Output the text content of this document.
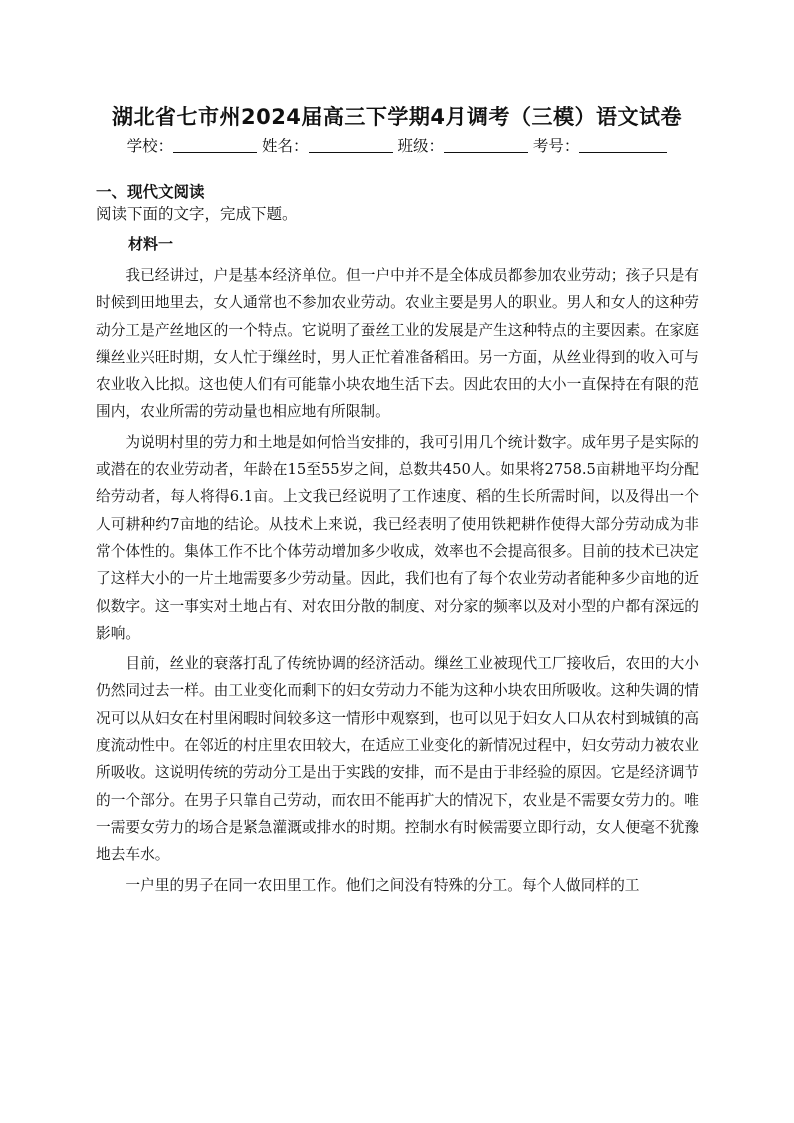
湖北省七市州2024届高三下学期4月调考（三模）语文试卷
学校：	姓名：	班级：	考号：
一、现代文阅读
阅读下面的文字，完成下题。
材料一

我已经讲过，户是基本经济单位。但一户中并不是全体成员都参加农业劳动；孩子只是有时候到田地里去，女人通常也不参加农业劳动。农业主要是男人的职业。男人和女人的这种劳动分工是产丝地区的一个特点。它说明了蚕丝工业的发展是产生这种特点的主要因素。在家庭缫丝业兴旺时期，女人忙于缫丝时，男人正忙着准备稻田。另一方面，从丝业得到的收入可与农业收入比拟。这也使人们有可能靠小块农地生活下去。因此农田的大小一直保持在有限的范围内，农业所需的劳动量也相应地有所限制。

为说明村里的劳力和土地是如何恰当安排的，我可引用几个统计数字。成年男子是实际的或潜在的农业劳动者，年龄在15至55岁之间，总数共450人。如果将2758.5亩耕地平均分配给劳动者，每人将得6.1亩。上文我已经说明了工作速度、稻的生长所需时间，以及得出一个人可耕种约7亩地的结论。从技术上来说，我已经表明了使用铁耙耕作使得大部分劳动成为非常个体性的。集体工作不比个体劳动增加多少收成，效率也不会提高很多。目前的技术已决定了这样大小的一片土地需要多少劳动量。因此，我们也有了每个农业劳动者能种多少亩地的近似数字。这一事实对土地占有、对农田分散的制度、对分家的频率以及对小型的户都有深远的影响。

目前，丝业的衰落打乱了传统协调的经济活动。缫丝工业被现代工厂接收后，农田的大小仍然同过去一样。由工业变化而剩下的妇女劳动力不能为这种小块农田所吸收。这种失调的情况可以从妇女在村里闲暇时间较多这一情形中观察到，也可以见于妇女人口从农村到城镇的高度流动性中。在邻近的村庄里农田较大，在适应工业变化的新情况过程中，妇女劳动力被农业所吸收。这说明传统的劳动分工是出于实践的安排，而不是由于非经验的原因。它是经济调节的一个部分。在男子只靠自己劳动，而农田不能再扩大的情况下，农业是不需要女劳力的。唯一需要女劳力的场合是紧急灌溉或排水的时期。控制水有时候需要立即行动，女人便毫不犹豫地去车水。

一户里的男子在同一农田里工作。他们之间没有特殊的分工。每个人做同样的工
